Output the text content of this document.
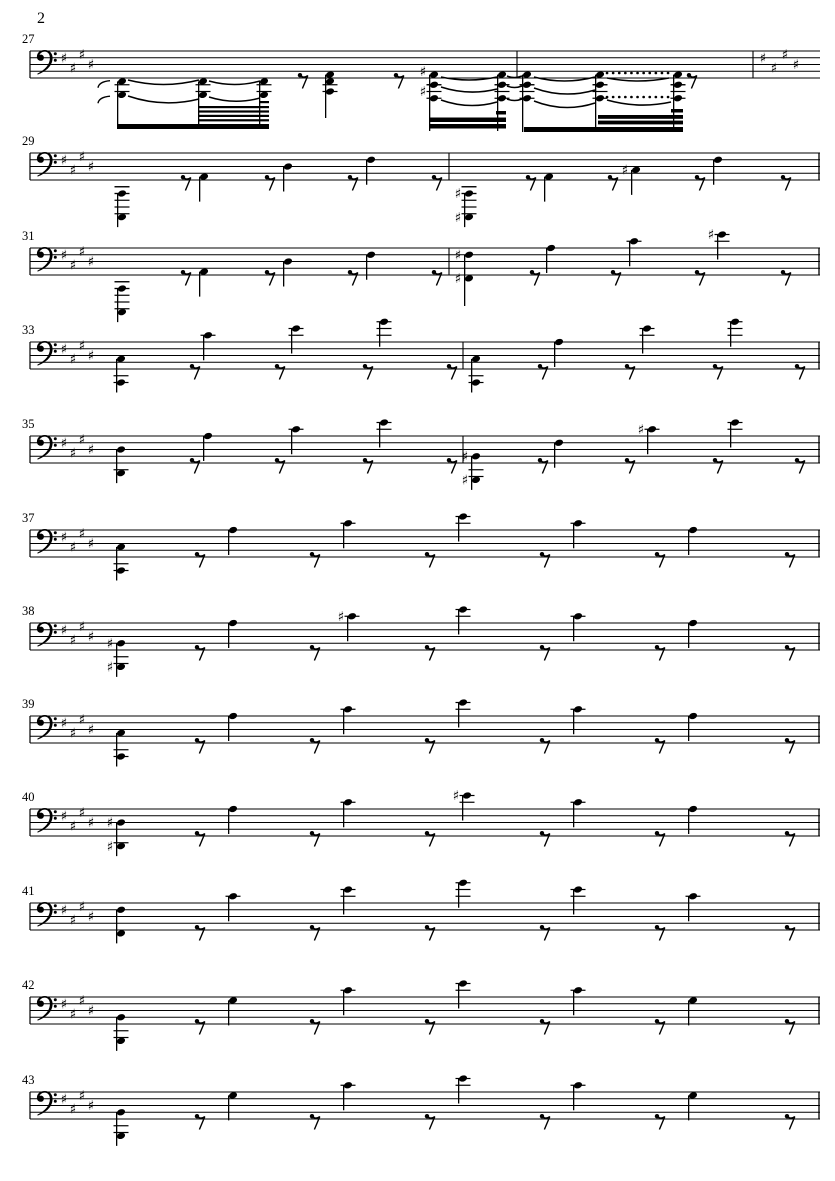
2
27
♯
♯
♯
♯	♯
♯
♯
♯
♯
♯
29
♯
♯
♯
♯
♯
♯
♯
31
♯
♯
♯
♯	♯
♯
♯
33
♯
♯
♯
♯
35
♯
♯
♯
♯	♯
♯
♯
37
♯
♯
♯
♯
38
♯
♯
♯
♯ ♯
♯
♯
39
♯
♯
♯
♯
40
♯
♯
♯
♯ ♯
♯
♯
41
♯
♯
♯
♯
42
♯
♯
♯
♯
43
♯
♯
♯
♯
